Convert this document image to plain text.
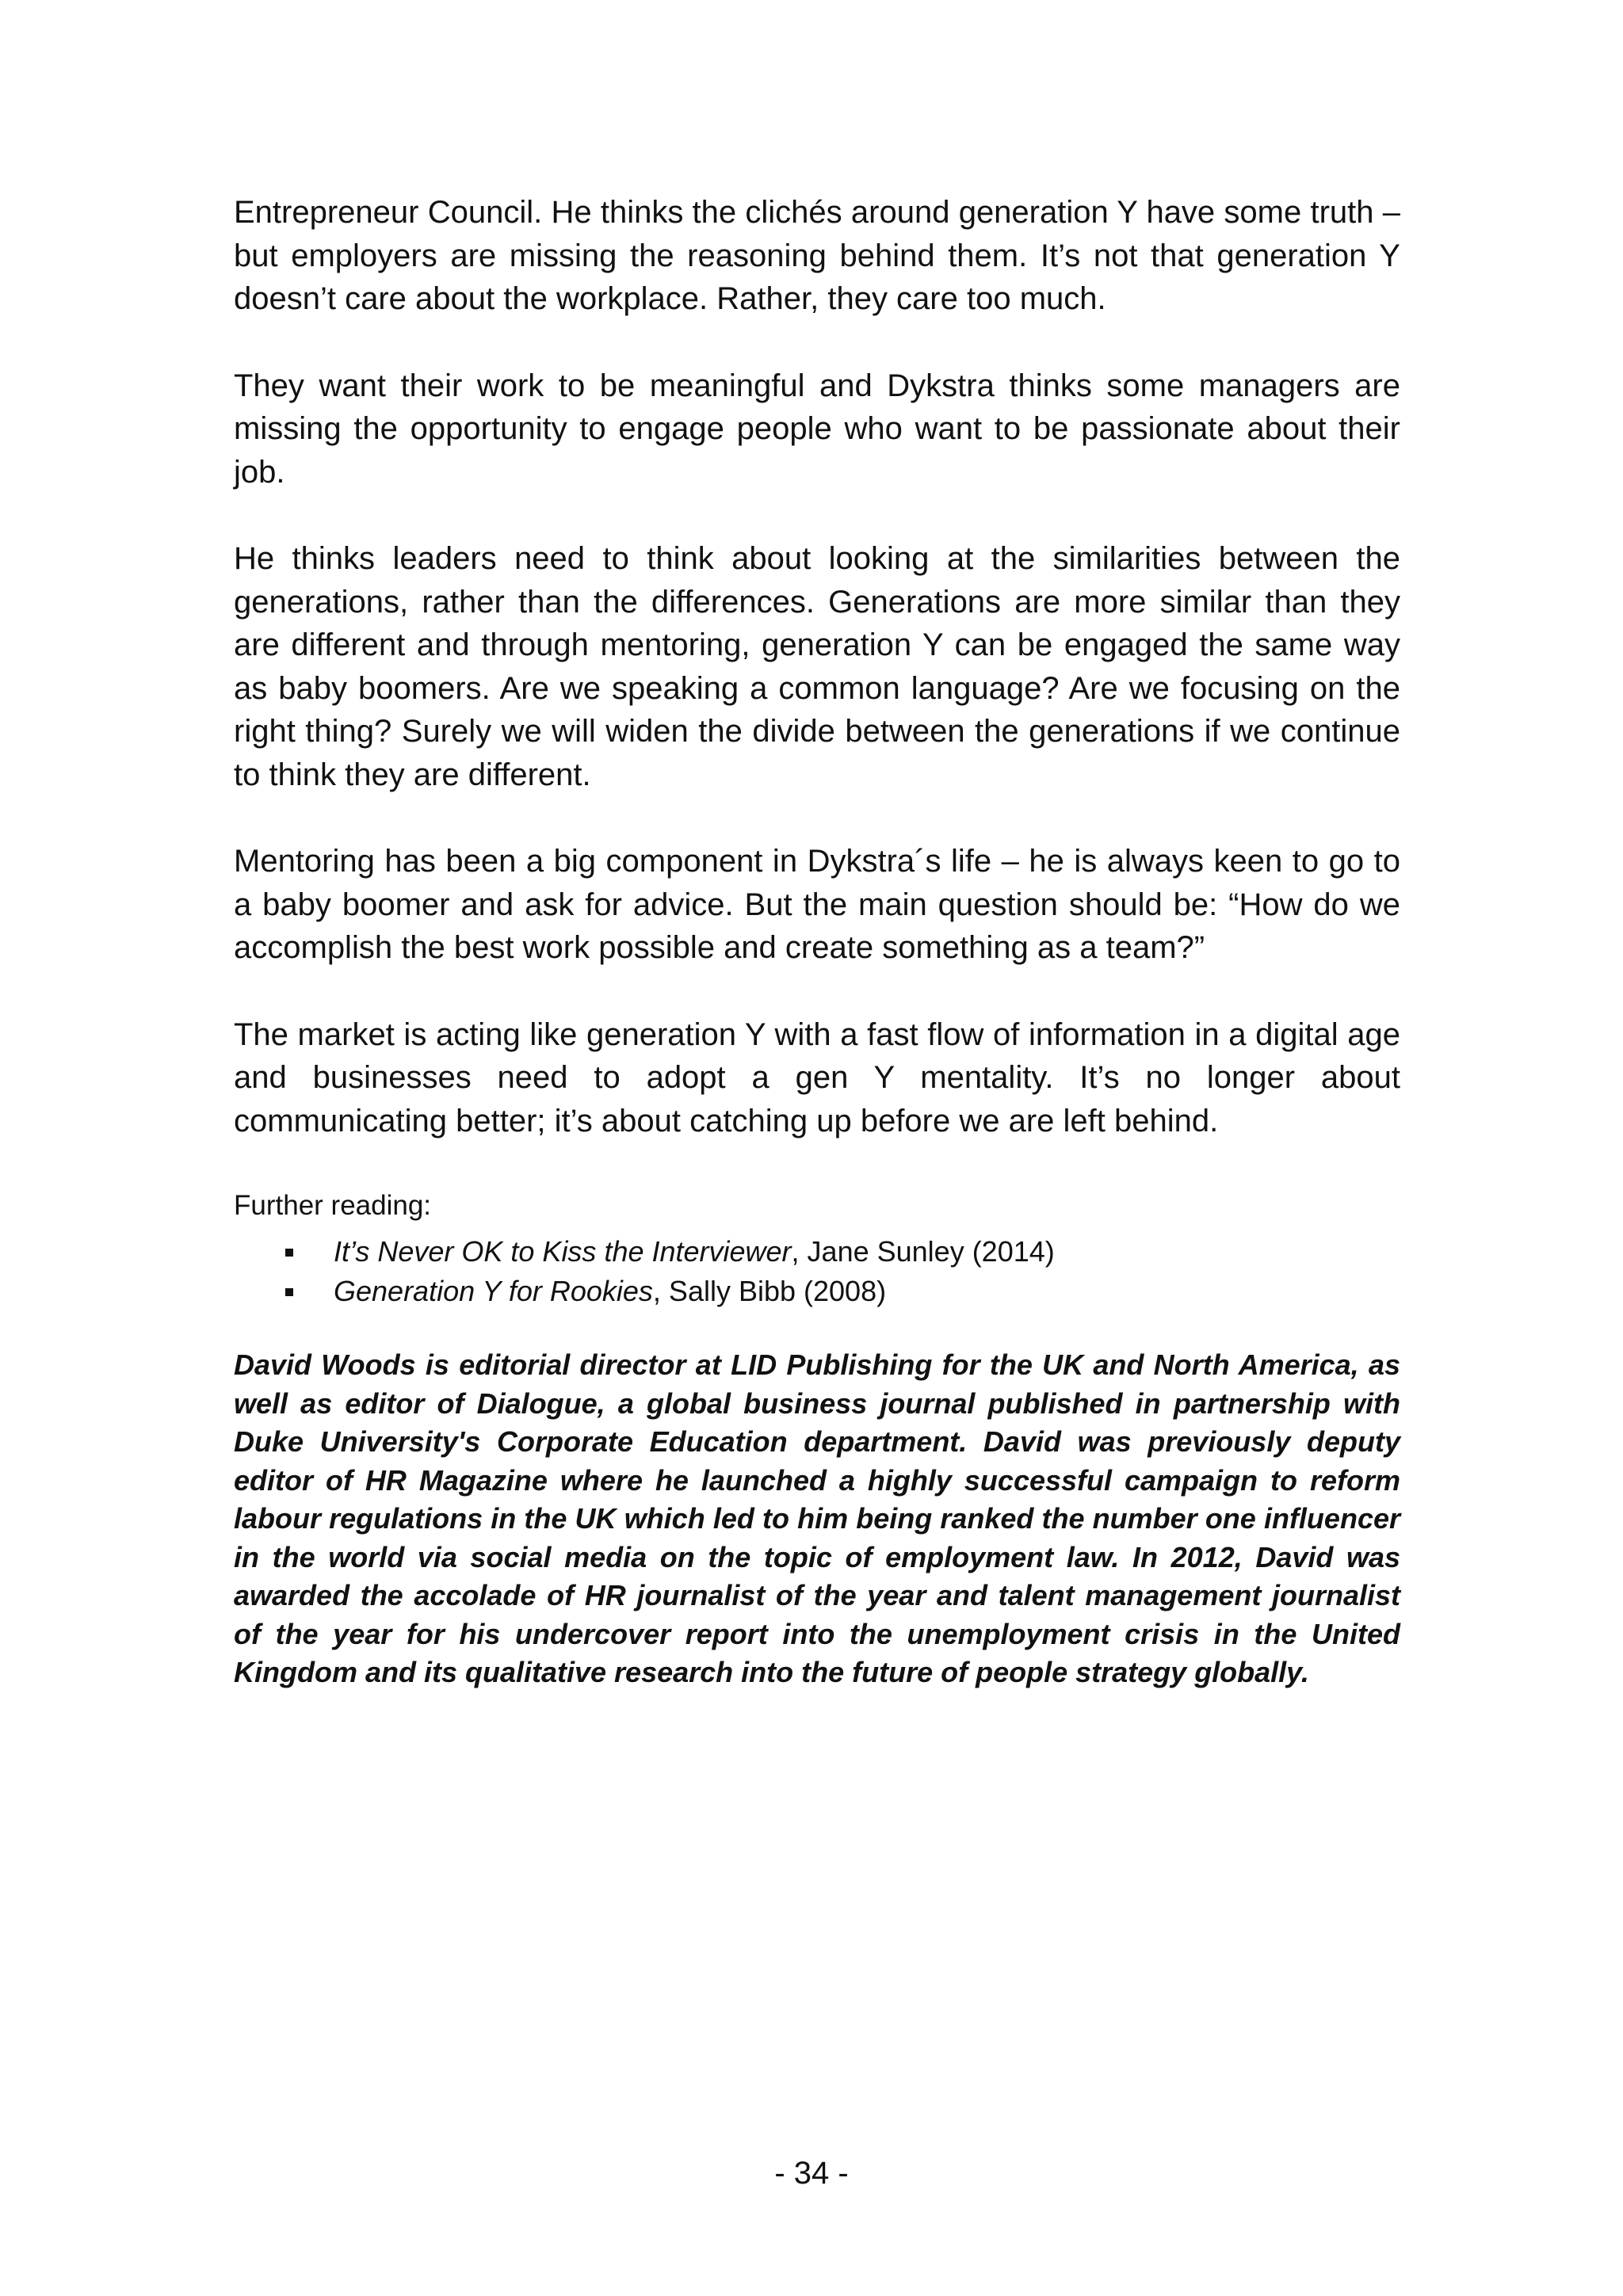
Entrepreneur Council. He thinks the clichés around generation Y have some truth – but employers are missing the reasoning behind them. It’s not that generation Y doesn’t care about the workplace. Rather, they care too much.

They want their work to be meaningful and Dykstra thinks some managers are missing the opportunity to engage people who want to be passionate about their job.

He thinks leaders need to think about looking at the similarities between the generations, rather than the differences. Generations are more similar than they are different and through mentoring, generation Y can be engaged the same way as baby boomers. Are we speaking a common language? Are we focusing on the right thing? Surely we will widen the divide between the generations if we continue to think they are different.

Mentoring has been a big component in Dykstra´s life – he is always keen to go to a baby boomer and ask for advice. But the main question should be: “How do we accomplish the best work possible and create something as a team?”

The market is acting like generation Y with a fast flow of information in a digital age and businesses need to adopt a gen Y mentality. It’s no longer about communicating better; it’s about catching up before we are left behind.

Further reading:

It’s Never OK to Kiss the Interviewer, Jane Sunley (2014)
Generation Y for Rookies, Sally Bibb (2008)

David Woods is editorial director at LID Publishing for the UK and North America, as well as editor of Dialogue, a global business journal published in partnership with Duke University's Corporate Education department. David was previously deputy editor of HR Magazine where he launched a highly successful campaign to reform labour regulations in the UK which led to him being ranked the number one influencer in the world via social media on the topic of employment law. In 2012, David was awarded the accolade of HR journalist of the year and talent management journalist of the year for his undercover report into the unemployment crisis in the United Kingdom and its qualitative research into the future of people strategy globally.

- 34 -
